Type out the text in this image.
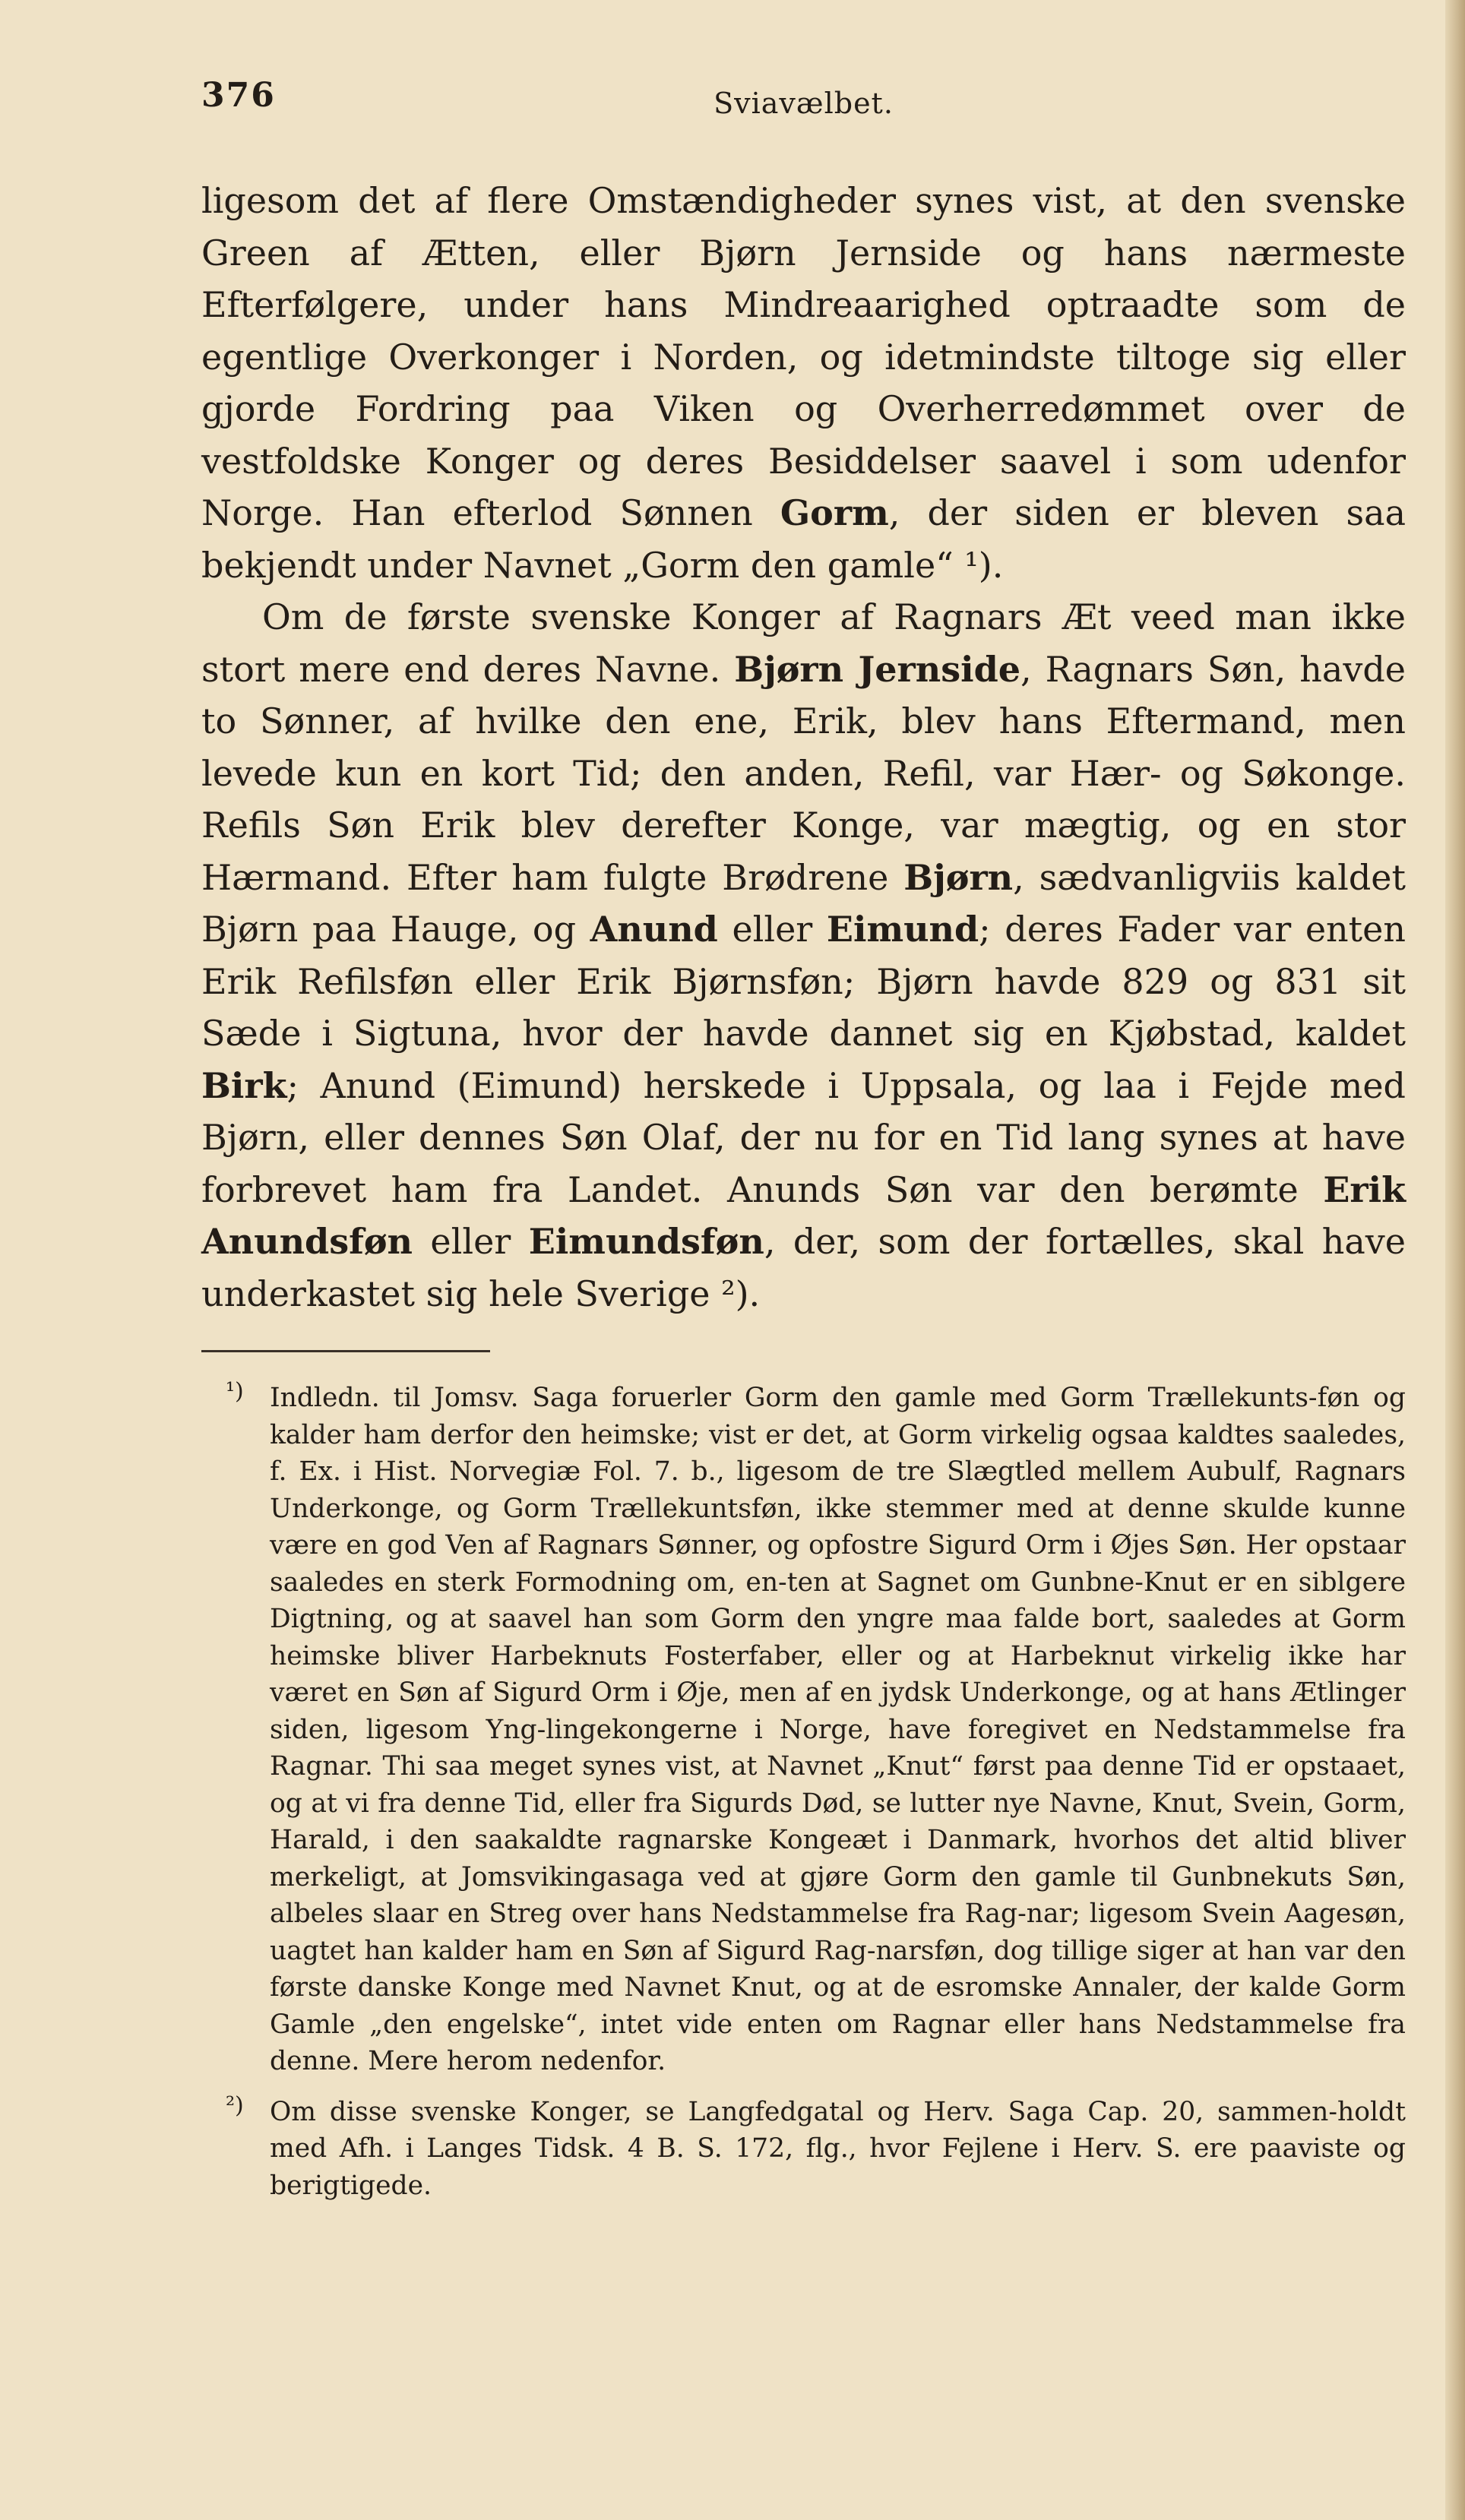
376	Sviavælbet.

ligesom det af flere Omstændigheder synes vist, at den svenske Green af Ætten, eller Bjørn Jernside og hans nærmeste Efterfølgere, under hans Mindreaarighed optraadte som de egentlige Overkonger i Norden, og idetmindste tiltoge sig eller gjorde Fordring paa Viken og Overherredømmet over de vestfoldske Konger og deres Besiddelser saavel i som udenfor Norge. Han efterlod Sønnen Gorm, der siden er bleven saa bekjendt under Navnet „Gorm den gamle“ ¹).

Om de første svenske Konger af Ragnars Æt veed man ikke stort mere end deres Navne. Bjørn Jernside, Ragnars Søn, havde to Sønner, af hvilke den ene, Erik, blev hans Eftermand, men levede kun en kort Tid; den anden, Refil, var Hær- og Søkonge. Refils Søn Erik blev derefter Konge, var mægtig, og en stor Hærmand. Efter ham fulgte Brødrene Bjørn, sædvanligviis kaldet Bjørn paa Hauge, og Anund eller Eimund; deres Fader var enten Erik Refilsføn eller Erik Bjørnsføn; Bjørn havde 829 og 831 sit Sæde i Sigtuna, hvor der havde dannet sig en Kjøbstad, kaldet Birk; Anund (Eimund) herskede i Uppsala, og laa i Fejde med Bjørn, eller dennes Søn Olaf, der nu for en Tid lang synes at have forbrevet ham fra Landet. Anunds Søn var den berømte Erik Anundsføn eller Eimundsføn, der, som der fortælles, skal have underkastet sig hele Sverige ²).

¹) Indledn. til Jomsv. Saga foruerler Gorm den gamle med Gorm Trællekunts-føn og kalder ham derfor den heimske; vist er det, at Gorm virkelig ogsaa kaldtes saaledes, f. Ex. i Hist. Norvegiæ Fol. 7. b., ligesom de tre Slægtled mellem Aubulf, Ragnars Underkonge, og Gorm Trællekuntsføn, ikke stemmer med at denne skulde kunne være en god Ven af Ragnars Sønner, og opfostre Sigurd Orm i Øjes Søn. Her opstaar saaledes en sterk Formodning om, en-ten at Sagnet om Gunbne-Knut er en siblgere Digtning, og at saavel han som Gorm den yngre maa falde bort, saaledes at Gorm heimske bliver Harbeknuts Fosterfaber, eller og at Harbeknut virkelig ikke har været en Søn af Sigurd Orm i Øje, men af en jydsk Underkonge, og at hans Ætlinger siden, ligesom Yng-lingekongerne i Norge, have foregivet en Nedstammelse fra Ragnar. Thi saa meget synes vist, at Navnet „Knut“ først paa denne Tid er opstaaet, og at vi fra denne Tid, eller fra Sigurds Død, se lutter nye Navne, Knut, Svein, Gorm, Harald, i den saakaldte ragnarske Kongeæt i Danmark, hvorhos det altid bliver merkeligt, at Jomsvikingasaga ved at gjøre Gorm den gamle til Gunbnekuts Søn, albeles slaar en Streg over hans Nedstammelse fra Rag-nar; ligesom Svein Aagesøn, uagtet han kalder ham en Søn af Sigurd Rag-narsføn, dog tillige siger at han var den første danske Konge med Navnet Knut, og at de esromske Annaler, der kalde Gorm Gamle „den engelske“, intet vide enten om Ragnar eller hans Nedstammelse fra denne. Mere herom nedenfor.
²) Om disse svenske Konger, se Langfedgatal og Herv. Saga Cap. 20, sammen-holdt med Afh. i Langes Tidsk. 4 B. S. 172, flg., hvor Fejlene i Herv. S. ere paaviste og berigtigede.
